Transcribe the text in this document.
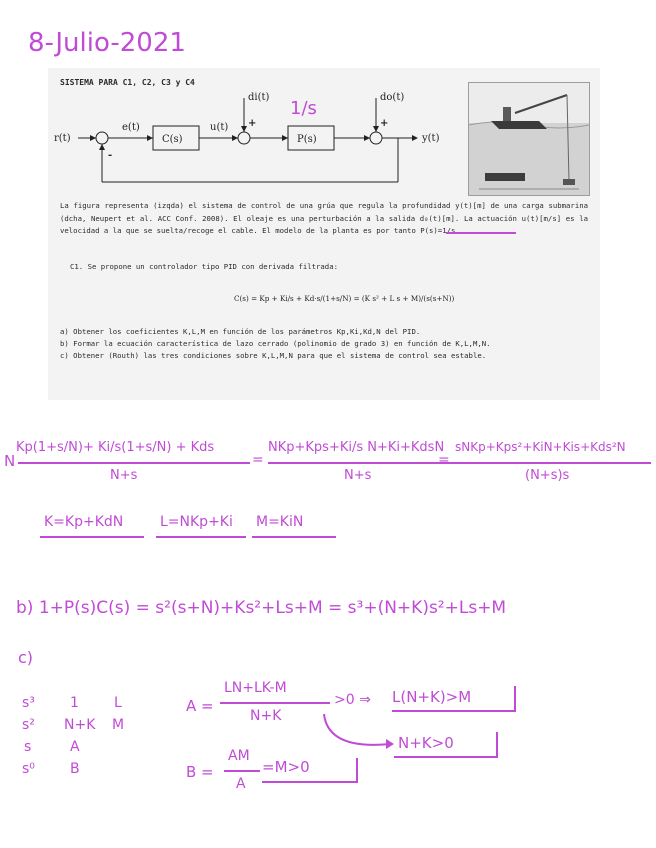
8-Julio-2021
SISTEMA PARA C1, C2, C3 y C4
r(t)
e(t)
C(s)
u(t)
di(t)
P(s)
do(t)
y(t)
+	+
-
La figura representa (izqda) el sistema de control de una grúa que regula la profundidad y(t)[m] de una carga submarina (dcha, Neupert et al. ACC Conf. 2008). El oleaje es una perturbación a la salida d₀(t)[m]. La actuación u(t)[m/s] es la velocidad a la que se suelta/recoge el cable. El modelo de la planta es por tanto P(s)=1/s.
C1. Se propone un controlador tipo PID con derivada filtrada:
C(s) = Kp + Ki/s + Kd·s/(1+s/N) = (K s² + L s + M)/(s(s+N))
a) Obtener los coeficientes K,L,M en función de los parámetros Kp,Ki,Kd,N del PID.
b) Formar la ecuación característica de lazo cerrado (polinomio de grado 3) en función de K,L,M,N.
c) Obtener (Routh) las tres condiciones sobre K,L,M,N para que el sistema de control sea estable.
1/s
N
Kp(1+s/N)+ Ki/s(1+s/N) + Kds
N+s
=
NKp+Kps+Ki/s N+Ki+KdsN
N+s
=
sNKp+Kps²+KiN+Kis+Kds²N
(N+s)s
K=Kp+KdN	L=NKp+Ki M=KiN
b) 1+P(s)C(s) = s²(s+N)+Ks²+Ls+M = s³+(N+K)s²+Ls+M
c)
s³	1	L
s² N+K M
s	A
s⁰	B
A =
LN+LK-M
N+K
>0 ⇒ L(N+K)>M
N+K>0
B =
AM
A
=M>0
